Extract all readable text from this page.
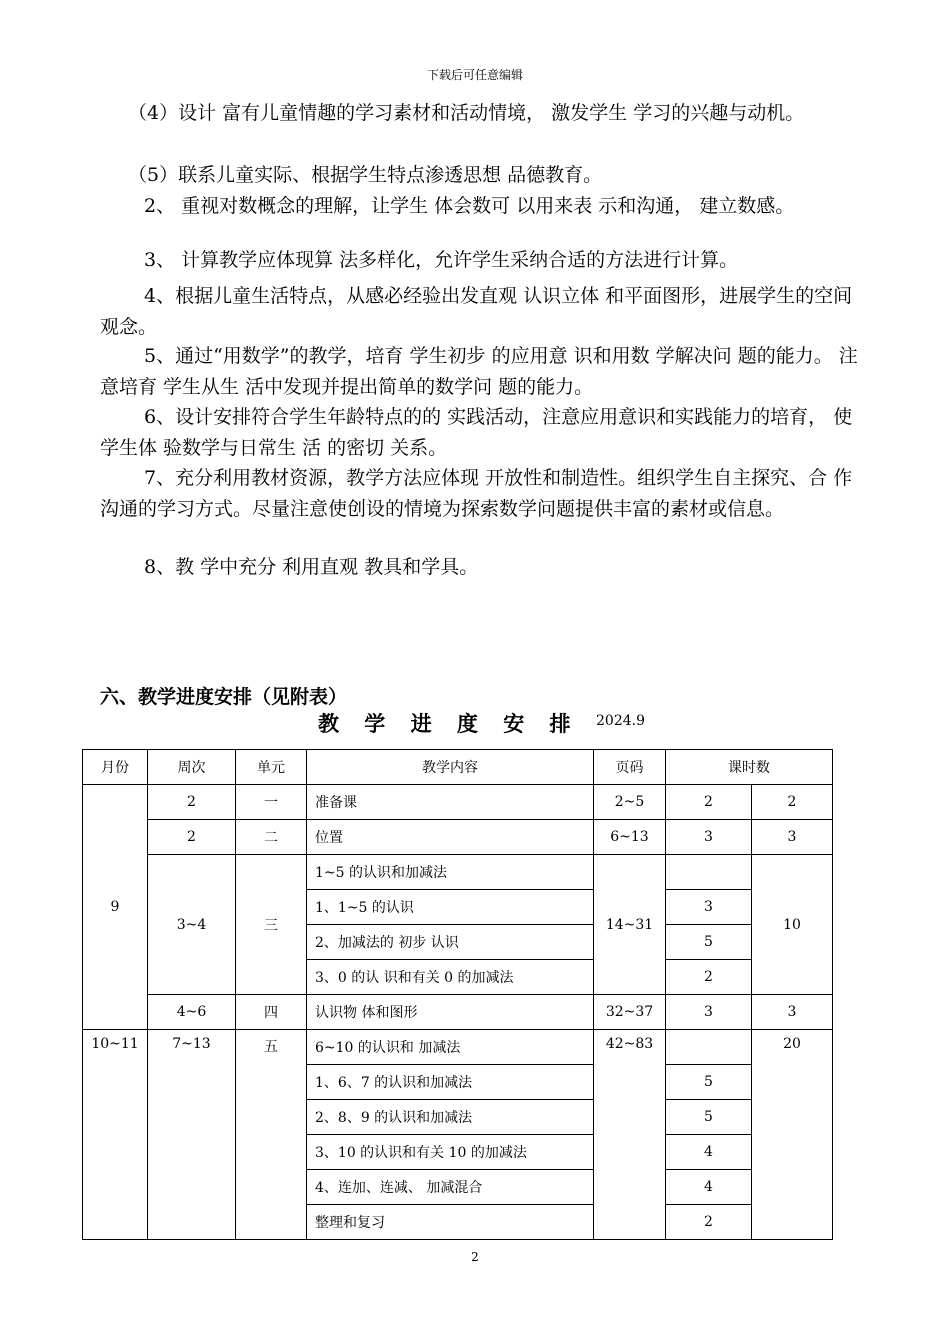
下载后可任意编辑

（4）设计 富有儿童情趣的学习素材和活动情境， 激发学生 学习的兴趣与动机。

（5）联系儿童实际、根据学生特点渗透思想 品德教育。

2、 重视对数概念的理解，让学生 体会数可 以用来表 示和沟通， 建立数感。

3、 计算教学应体现算 法多样化，允许学生采纳合适的方法进行计算。

4、根据儿童生活特点，从感必经验出发直观 认识立体 和平面图形，进展学生的空间 观念。

5、通过“用数学”的教学，培育 学生初步 的应用意 识和用数 学解决问 题的能力。 注意培育 学生从生 活中发现并提出简单的数学问 题的能力。

6、设计安排符合学生年龄特点的的 实践活动，注意应用意识和实践能力的培育， 使学生体 验数学与日常生 活 的密切 关系。

7、充分利用教材资源，教学方法应体现 开放性和制造性。组织学生自主探究、合 作沟通的学习方式。尽量注意使创设的情境为探索数学问题提供丰富的素材或信息。

8、教 学中充分 利用直观 教具和学具。

六、教学进度安排（见附表）
教 学 进 度 安 排 2024.9
月份	周次	单元	教学内容	页码	课时数	
9	2	一	准备课	2~5	2	2
	2	二	位置	6~13	3	3
	3~4	三	1~5 的认识和加减法	14~31		10
			1、1~5 的认识		3	
			2、加减法的 初步 认识		5	
			3、0 的认 识和有关 0 的加减法		2	
	4~6	四	认识物 体和图形	32~37	3	3
10~11	7~13	五	6~10 的认识和 加减法	42~83		20
			1、6、7 的认识和加减法		5	
			2、8、9 的认识和加减法		5	
			3、10 的认识和有关 10 的加减法		4	
			4、连加、连减、 加减混合		4	
			整理和复习		2	
2
